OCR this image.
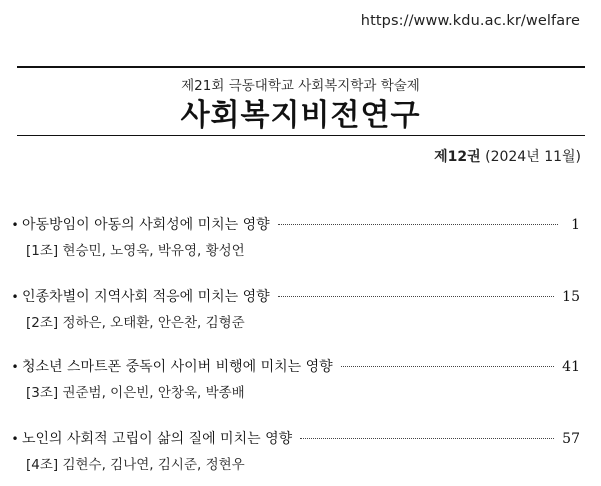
https://www.kdu.ac.kr/welfare
제21회 극동대학교 사회복지학과 학술제
사회복지비전연구
제12권 (2024년 11월)
• 아동방임이 아동의 사회성에 미치는 영향	1
[1조] 현승민, 노영욱, 박유영, 황성언
• 인종차별이 지역사회 적응에 미치는 영향	15
[2조] 정하은, 오태환, 안은찬, 김형준
• 청소년 스마트폰 중독이 사이버 비행에 미치는 영향	41
[3조] 권준범, 이은빈, 안창욱, 박종배
• 노인의 사회적 고립이 삶의 질에 미치는 영향	57
[4조] 김현수, 김나연, 김시준, 정현우
